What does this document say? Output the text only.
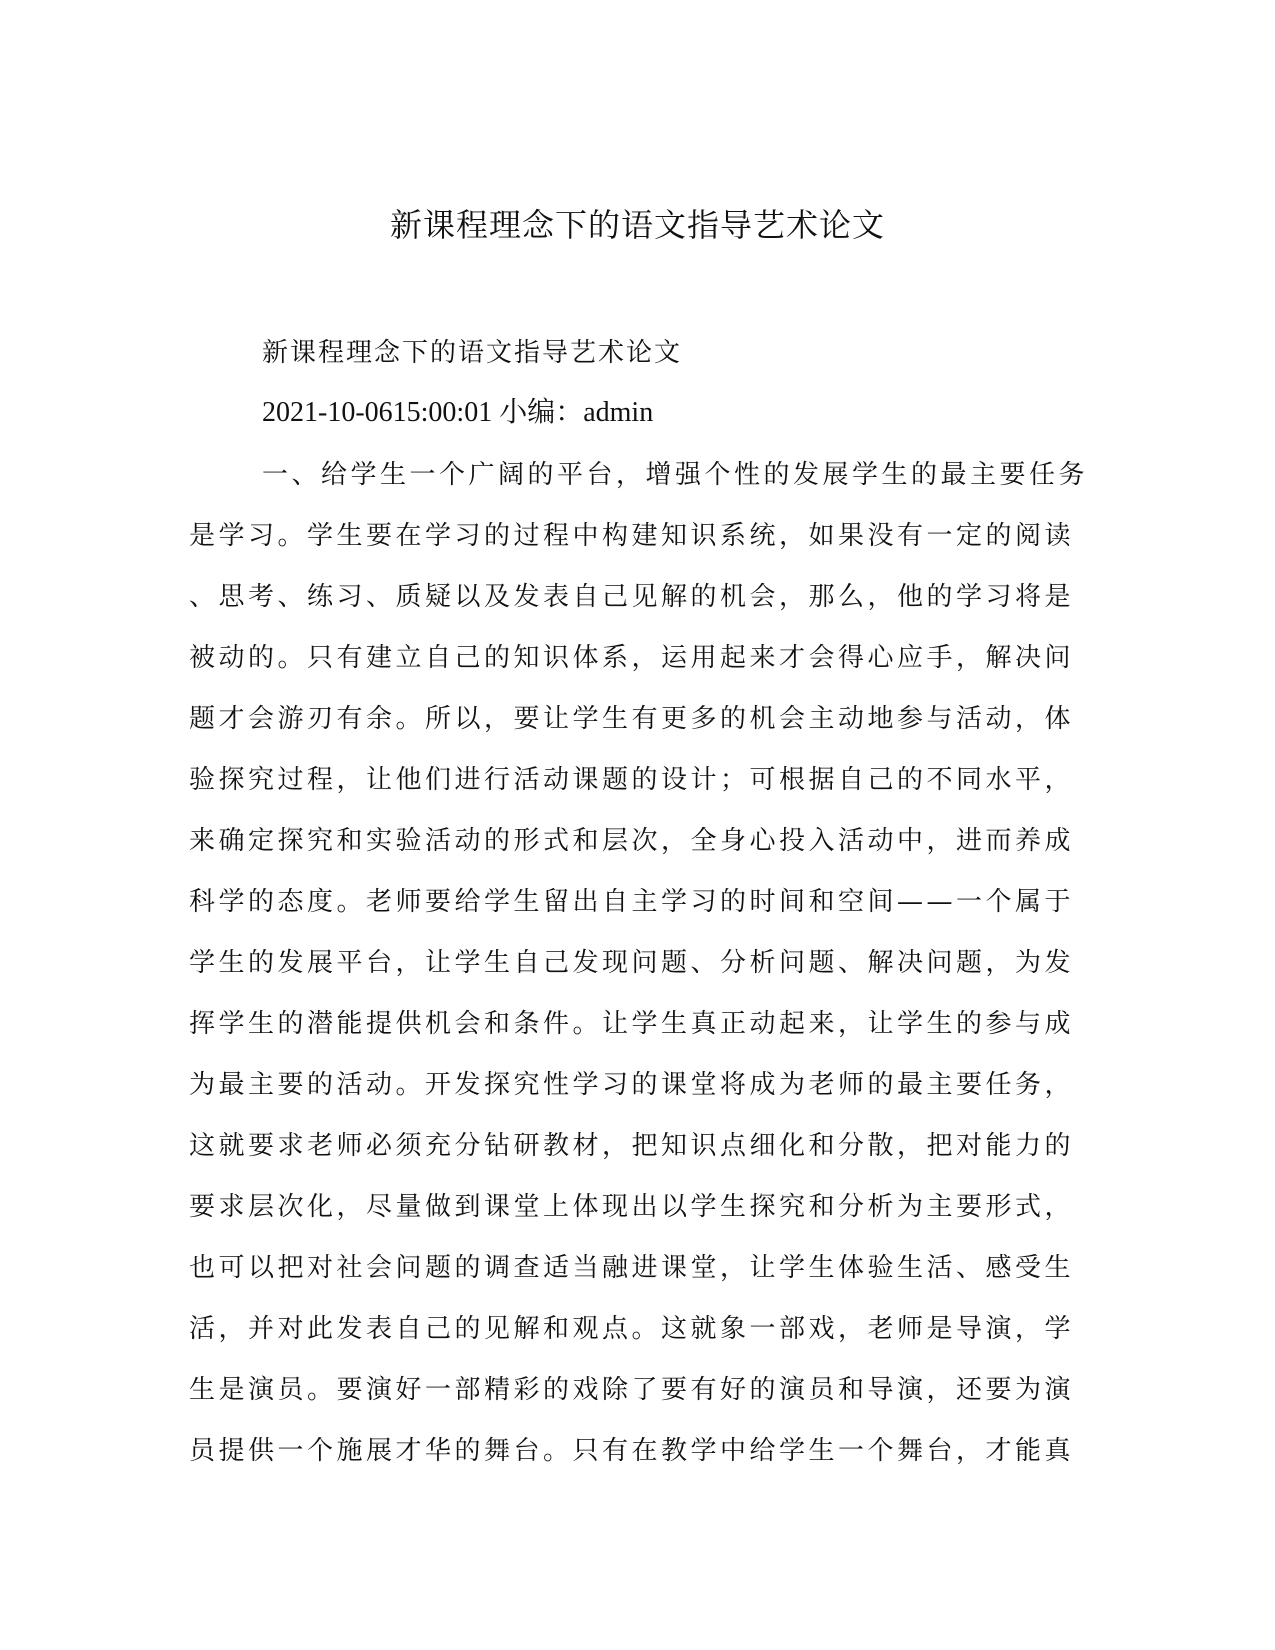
新课程理念下的语文指导艺术论文

新课程理念下的语文指导艺术论文

2021-10-0615:00:01 小编：admin

一、给学生一个广阔的平台，增强个性的发展学生的最主要任务
是学习。学生要在学习的过程中构建知识系统，如果没有一定的阅读
、思考、练习、质疑以及发表自己见解的机会，那么，他的学习将是
被动的。只有建立自己的知识体系，运用起来才会得心应手，解决问
题才会游刃有余。所以，要让学生有更多的机会主动地参与活动，体
验探究过程，让他们进行活动课题的设计；可根据自己的不同水平，
来确定探究和实验活动的形式和层次，全身心投入活动中，进而养成
科学的态度。老师要给学生留出自主学习的时间和空间——一个属于
学生的发展平台，让学生自己发现问题、分析问题、解决问题，为发
挥学生的潜能提供机会和条件。让学生真正动起来，让学生的参与成
为最主要的活动。开发探究性学习的课堂将成为老师的最主要任务，
这就要求老师必须充分钻研教材，把知识点细化和分散，把对能力的
要求层次化，尽量做到课堂上体现出以学生探究和分析为主要形式，
也可以把对社会问题的调查适当融进课堂，让学生体验生活、感受生
活，并对此发表自己的见解和观点。这就象一部戏，老师是导演，学
生是演员。要演好一部精彩的戏除了要有好的演员和导演，还要为演
员提供一个施展才华的舞台。只有在教学中给学生一个舞台，才能真
